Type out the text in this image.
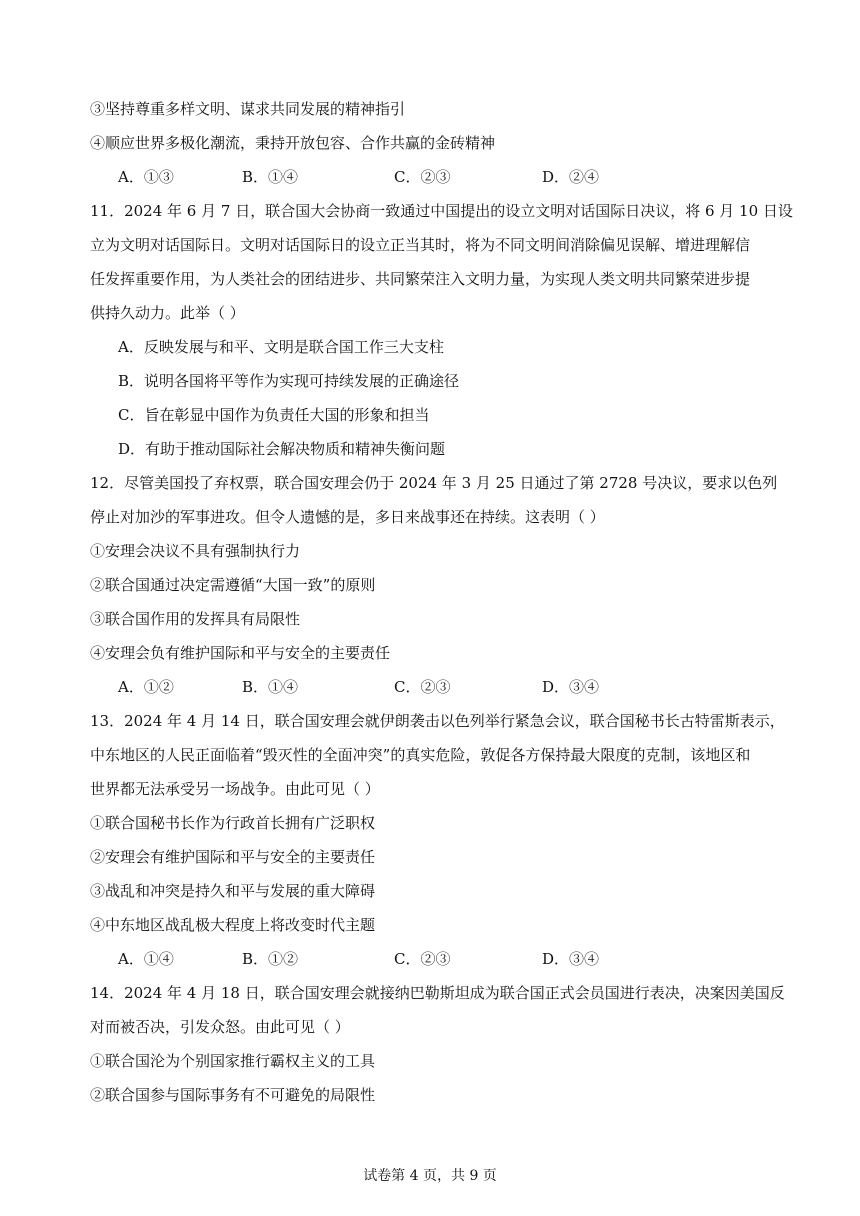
③坚持尊重多样文明、谋求共同发展的精神指引
④顺应世界多极化潮流，秉持开放包容、合作共赢的金砖精神
A．①③	B．①④	C．②③	D．②④
11．2024 年 6 月 7 日，联合国大会协商一致通过中国提出的设立文明对话国际日决议，将 6 月 10 日设
立为文明对话国际日。文明对话国际日的设立正当其时，将为不同文明间消除偏见误解、增进理解信
任发挥重要作用，为人类社会的团结进步、共同繁荣注入文明力量，为实现人类文明共同繁荣进步提
供持久动力。此举（ ）
A．反映发展与和平、文明是联合国工作三大支柱
B．说明各国将平等作为实现可持续发展的正确途径
C．旨在彰显中国作为负责任大国的形象和担当
D．有助于推动国际社会解决物质和精神失衡问题
12．尽管美国投了弃权票，联合国安理会仍于 2024 年 3 月 25 日通过了第 2728 号决议，要求以色列
停止对加沙的军事进攻。但令人遗憾的是，多日来战事还在持续。这表明（ ）
①安理会决议不具有强制执行力
②联合国通过决定需遵循“大国一致”的原则
③联合国作用的发挥具有局限性
④安理会负有维护国际和平与安全的主要责任
A．①②	B．①④	C．②③	D．③④
13．2024 年 4 月 14 日，联合国安理会就伊朗袭击以色列举行紧急会议，联合国秘书长古特雷斯表示，
中东地区的人民正面临着“毁灭性的全面冲突”的真实危险，敦促各方保持最大限度的克制，该地区和
世界都无法承受另一场战争。由此可见（ ）
①联合国秘书长作为行政首长拥有广泛职权
②安理会有维护国际和平与安全的主要责任
③战乱和冲突是持久和平与发展的重大障碍
④中东地区战乱极大程度上将改变时代主题
A．①④	B．①②	C．②③	D．③④
14．2024 年 4 月 18 日，联合国安理会就接纳巴勒斯坦成为联合国正式会员国进行表决，决案因美国反
对而被否决，引发众怒。由此可见（ ）
①联合国沦为个别国家推行霸权主义的工具
②联合国参与国际事务有不可避免的局限性
试卷第 4 页，共 9 页
